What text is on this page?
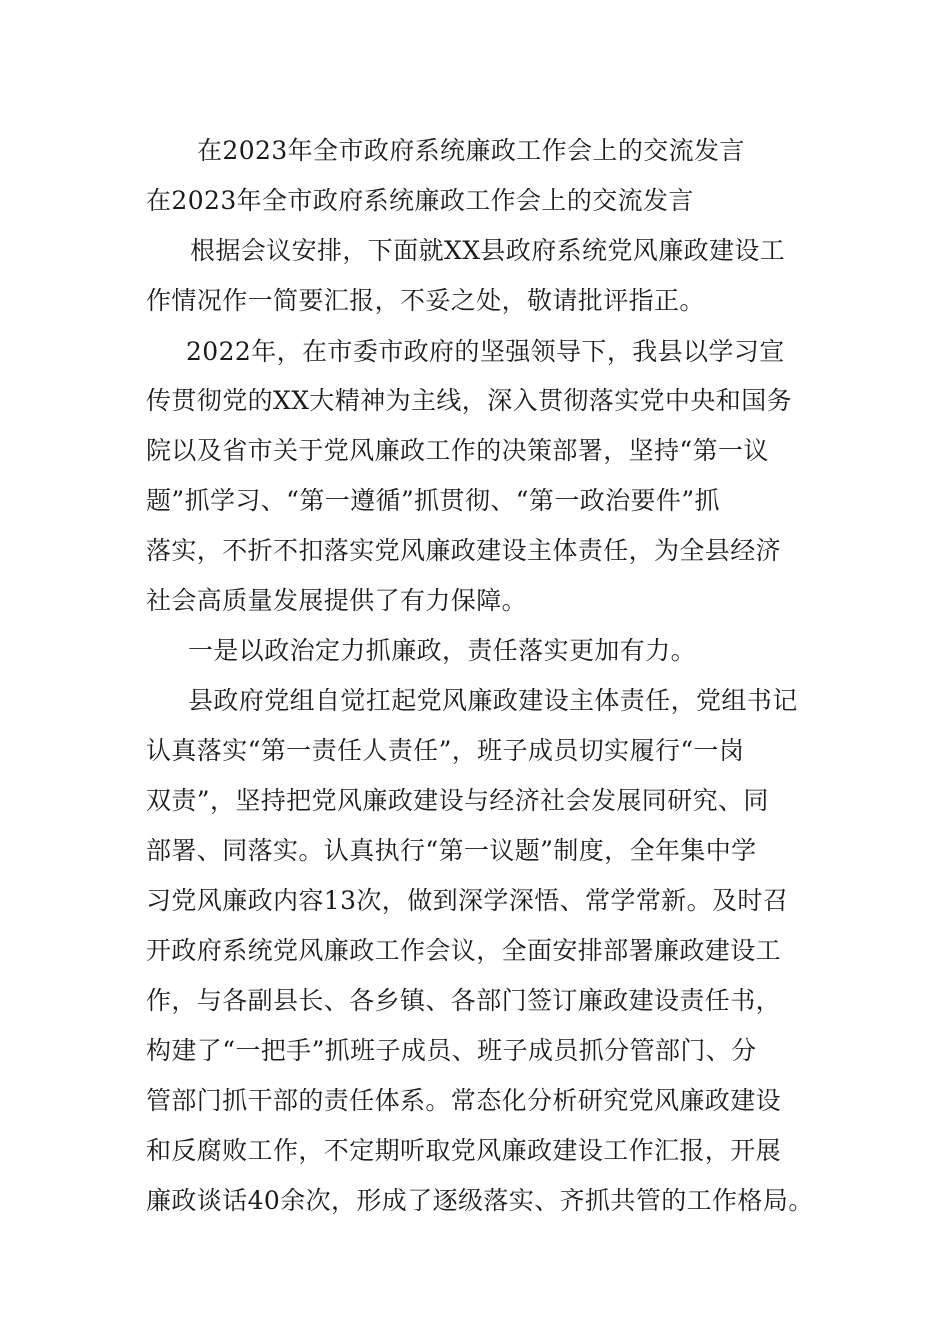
在2023年全市政府系统廉政工作会上的交流发言
在2023年全市政府系统廉政工作会上的交流发言
根据会议安排，下面就XX县政府系统党风廉政建设工
作情况作一简要汇报，不妥之处，敬请批评指正。
2022年，在市委市政府的坚强领导下，我县以学习宣
传贯彻党的XX大精神为主线，深入贯彻落实党中央和国务
院以及省市关于党风廉政工作的决策部署，坚持“第一议
题”抓学习、“第一遵循”抓贯彻、“第一政治要件”抓
落实，不折不扣落实党风廉政建设主体责任，为全县经济
社会高质量发展提供了有力保障。
一是以政治定力抓廉政，责任落实更加有力。
县政府党组自觉扛起党风廉政建设主体责任，党组书记
认真落实“第一责任人责任”，班子成员切实履行“一岗
双责”，坚持把党风廉政建设与经济社会发展同研究、同
部署、同落实。认真执行“第一议题”制度，全年集中学
习党风廉政内容13次，做到深学深悟、常学常新。及时召
开政府系统党风廉政工作会议，全面安排部署廉政建设工
作，与各副县长、各乡镇、各部门签订廉政建设责任书，
构建了“一把手”抓班子成员、班子成员抓分管部门、分
管部门抓干部的责任体系。常态化分析研究党风廉政建设
和反腐败工作，不定期听取党风廉政建设工作汇报，开展
廉政谈话40余次，形成了逐级落实、齐抓共管的工作格局。
